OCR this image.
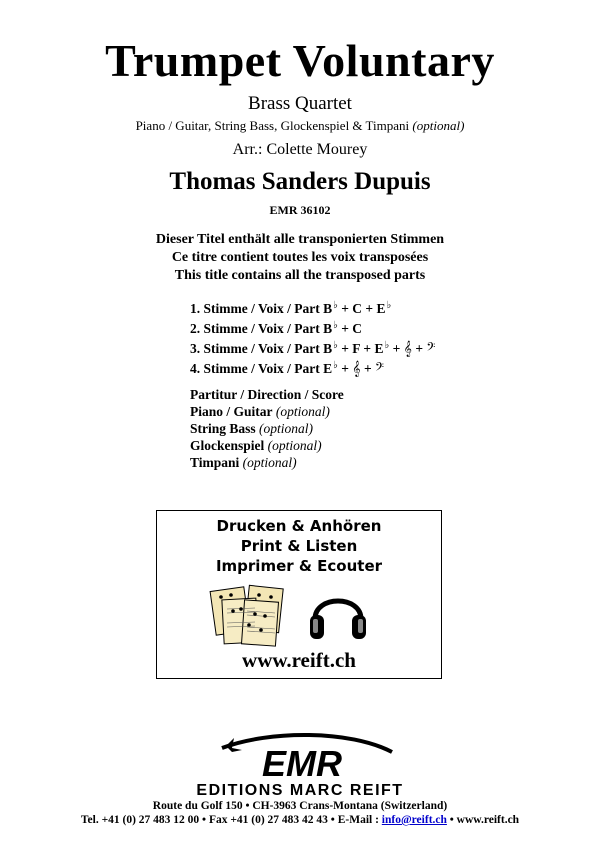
Trumpet Voluntary
Brass Quartet
Piano / Guitar, String Bass, Glockenspiel & Timpani (optional)
Arr.: Colette Mourey
Thomas Sanders Dupuis
EMR 36102
Dieser Titel enthält alle transponierten Stimmen
Ce titre contient toutes les voix transposées
This title contains all the transposed parts
1. Stimme / Voix / Part B♭ + C + E♭
2. Stimme / Voix / Part B♭ + C
3. Stimme / Voix / Part B♭ + F + E♭ + 𝄞 + 𝄢
4. Stimme / Voix / Part E♭ + 𝄞 + 𝄢
Partitur / Direction / Score
Piano / Guitar (optional)
String Bass (optional)
Glockenspiel (optional)
Timpani (optional)
Drucken & Anhören
Print & Listen
Imprimer & Ecouter
www.reift.ch
EMR
EDITIONS MARC REIFT
Route du Golf 150 • CH-3963 Crans-Montana (Switzerland)
Tel. +41 (0) 27 483 12 00 • Fax +41 (0) 27 483 42 43 • E-Mail : info@reift.ch • www.reift.ch
